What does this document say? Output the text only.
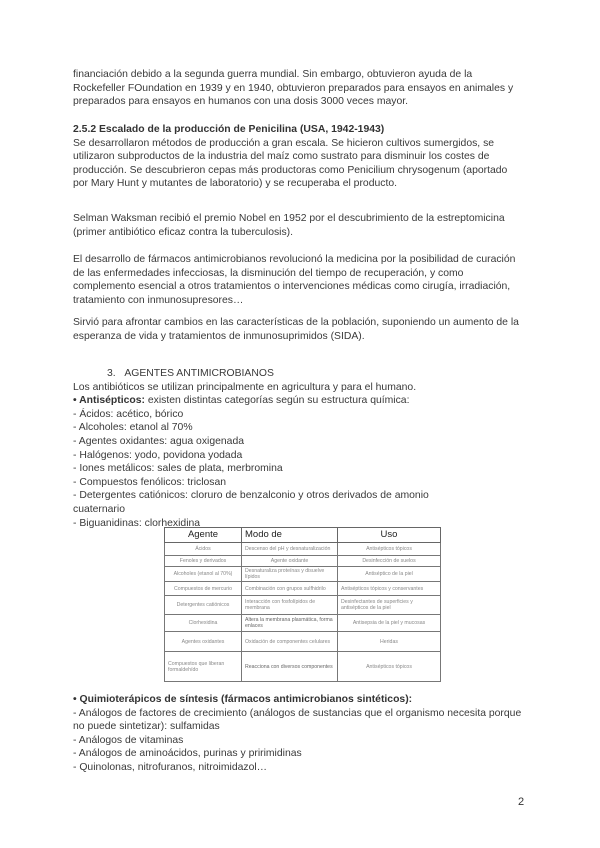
financiación debido a la segunda guerra mundial. Sin embargo, obtuvieron ayuda de la Rockefeller FOundation en 1939 y en 1940, obtuvieron preparados para ensayos en animales y preparados para ensayos en humanos con una dosis 3000 veces mayor.
2.5.2 Escalado de la producción de Penicilina (USA, 1942-1943)
Se desarrollaron métodos de producción a gran escala. Se hicieron cultivos sumergidos, se utilizaron subproductos de la industria del maíz como sustrato para disminuir los costes de producción. Se descubrieron cepas más productoras como Penicilium chrysogenum (aportado por Mary Hunt y mutantes de laboratorio) y se recuperaba el producto.
Selman Waksman recibió el premio Nobel en 1952 por el descubrimiento de la estreptomicina (primer antibiótico eficaz contra la tuberculosis).
El desarrollo de fármacos antimicrobianos revolucionó la medicina por la posibilidad de curación de las enfermedades infecciosas, la disminución del tiempo de recuperación, y como complemento esencial a otros tratamientos o intervenciones médicas como cirugía, irradiación, tratamiento con inmunosupresores…
Sirvió para afrontar cambios en las características de la población, suponiendo un aumento de la esperanza de vida y tratamientos de inmunosuprimidos (SIDA).
3. AGENTES ANTIMICROBIANOS
Los antibióticos se utilizan principalmente en agricultura y para el humano.
• Antisépticos: existen distintas categorías según su estructura química:
- Ácidos: acético, bórico
- Alcoholes: etanol al 70%
- Agentes oxidantes: agua oxigenada
- Halógenos: yodo, povidona yodada
- Iones metálicos: sales de plata, merbromina
- Compuestos fenólicos: triclosan
- Detergentes catiónicos: cloruro de benzalconio y otros derivados de amonio
cuaternario
- Biguanidinas: clorhexidina
Agente	Modo de	Uso
Ácidos	Descenso del pH y desnaturalización	Antisépticos tópicos
Fenoles y derivados	Agente oxidante	Desinfección de suelos
Alcoholes (etanol al 70%)	Desnaturaliza proteínas y disuelve lípidos	Antiséptico de la piel
Compuestos de mercurio	Combinación con grupos sulfhidrilo	Antisépticos tópicos y conservantes
Detergentes catiónicos	Interacción con fosfolípidos de membrana	Desinfectantes de superficies y antisépticos de la piel
Clorhexidina	Altera la membrana plasmática, forma enlaces	Antisepsia de la piel y mucosas
Agentes oxidantes	Oxidación de componentes celulares	Heridas
Compuestos que liberan formaldehído	Reacciona con diversos componentes	Antisépticos tópicos
• Quimioterápicos de síntesis (fármacos antimicrobianos sintéticos):
- Análogos de factores de crecimiento (análogos de sustancias que el organismo necesita porque no puede sintetizar): sulfamidas
- Análogos de vitaminas
- Análogos de aminoácidos, purinas y pririmidinas
- Quinolonas, nitrofuranos, nitroimidazol…
2
